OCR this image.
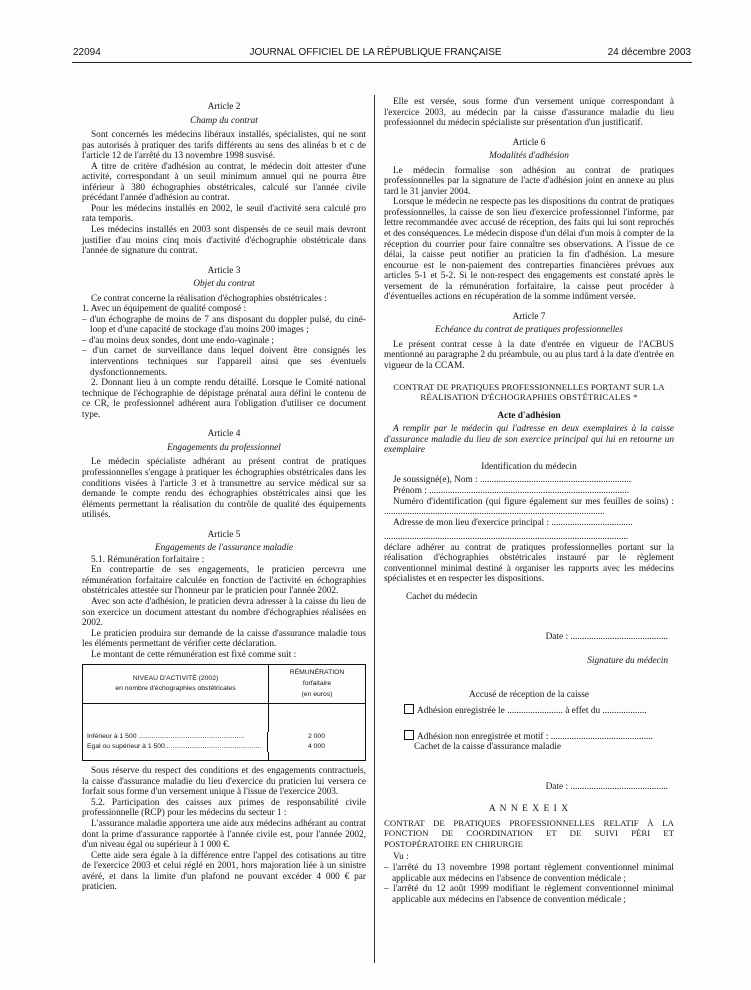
22094	JOURNAL OFFICIEL DE LA RÉPUBLIQUE FRANÇAISE	24 décembre 2003
Article 2
Champ du contrat

Sont concernés les médecins libéraux installés, spécialistes, qui ne sont pas autorisés à pratiquer des tarifs différents au sens des alinéas b et c de l'article 12 de l'arrêté du 13 novembre 1998 susvisé.

A titre de critère d'adhésion au contrat, le médecin doit attester d'une activité, correspondant à un seuil minimum annuel qui ne pourra être inférieur à 380 échographies obstétricales, calculé sur l'année civile précédant l'année d'adhésion au contrat.

Pour les médecins installés en 2002, le seuil d'activité sera calculé pro rata temporis.

Les médecins installés en 2003 sont dispensés de ce seuil mais devront justifier d'au moins cinq mois d'activité d'échographie obstétricale dans l'année de signature du contrat.

Article 3
Objet du contrat

Ce contrat concerne la réalisation d'échographies obstétricales :

1. Avec un équipement de qualité composé :

– d'un échographe de moins de 7 ans disposant du doppler pulsé, du ciné-loop et d'une capacité de stockage d'au moins 200 images ;
– d'au moins deux sondes, dont une endo-vaginale ;
– d'un carnet de surveillance dans lequel doivent être consignés les interventions techniques sur l'appareil ainsi que ses éventuels dysfonctionnements.

2. Donnant lieu à un compte rendu détaillé. Lorsque le Comité national technique de l'échographie de dépistage prénatal aura défini le contenu de ce CR, le professionnel adhérent aura l'obligation d'utiliser ce document type.

Article 4
Engagements du professionnel

Le médecin spécialiste adhérant au présent contrat de pratiques professionnelles s'engage à pratiquer les échographies obstétricales dans les conditions visées à l'article 3 et à transmettre au service médical sur sa demande le compte rendu des échographies obstétricales ainsi que les éléments permettant la réalisation du contrôle de qualité des équipements utilisés.

Article 5
Engagements de l'assurance maladie

5.1. Rémunération forfaitaire :

En contrepartie de ses engagements, le praticien percevra une rémunération forfaitaire calculée en fonction de l'activité en échographies obstétricales attestée sur l'honneur par le praticien pour l'année 2002.

Avec son acte d'adhésion, le praticien devra adresser à la caisse du lieu de son exercice un document attestant du nombre d'échographies réalisées en 2002.

Le praticien produira sur demande de la caisse d'assurance maladie tous les éléments permettant de vérifier cette déclaration.

Le montant de cette rémunération est fixé comme suit :

NIVEAU D'ACTIVITÉ (2002)
en nombre d'échographies obstétricales
RÉMUNÉRATION
forfaitaire
(en euros)
Inférieur à 1 500 ........................................................	2 000
Egal ou supérieur à 1 500...................................................	4 000

Sous réserve du respect des conditions et des engagements contractuels, la caisse d'assurance maladie du lieu d'exercice du praticien lui versera ce forfait sous forme d'un versement unique à l'issue de l'exercice 2003.

5.2. Participation des caisses aux primes de responsabilité civile professionnelle (RCP) pour les médecins du secteur 1 :

L'assurance maladie apportera une aide aux médecins adhérant au contrat dont la prime d'assurance rapportée à l'année civile est, pour l'année 2002, d'un niveau égal ou supérieur à 1 000 €.

Cette aide sera égale à la différence entre l'appel des cotisations au titre de l'exercice 2003 et celui réglé en 2001, hors majoration liée à un sinistre avéré, et dans la limite d'un plafond ne pouvant excéder 4 000 € par praticien.

Elle est versée, sous forme d'un versement unique correspondant à l'exercice 2003, au médecin par la caisse d'assurance maladie du lieu professionnel du médecin spécialiste sur présentation d'un justificatif.

Article 6
Modalités d'adhésion

Le médecin formalise son adhésion au contrat de pratiques professionnelles par la signature de l'acte d'adhésion joint en annexe au plus tard le 31 janvier 2004.

Lorsque le médecin ne respecte pas les dispositions du contrat de pratiques professionnelles, la caisse de son lieu d'exercice professionnel l'informe, par lettre recommandée avec accusé de réception, des faits qui lui sont reprochés et des conséquences. Le médecin dispose d'un délai d'un mois à compter de la réception du courrier pour faire connaître ses observations. A l'issue de ce délai, la caisse peut notifier au praticien la fin d'adhésion. La mesure encourue est le non-paiement des contreparties financières prévues aux articles 5-1 et 5-2. Si le non-respect des engagements est constaté après le versement de la rémunération forfaitaire, la caisse peut procéder à d'éventuelles actions en récupération de la somme indûment versée.

Article 7
Echéance du contrat de pratiques professionnelles

Le présent contrat cesse à la date d'entrée en vigueur de l'ACBUS mentionné au paragraphe 2 du préambule, ou au plus tard à la date d'entrée en vigueur de la CCAM.

CONTRAT DE PRATIQUES PROFESSIONNELLES PORTANT SUR LA RÉALISATION D'ÉCHOGRAPHIES OBSTÉTRICALES *
Acte d'adhésion

A remplir par le médecin qui l'adresse en deux exemplaires à la caisse d'assurance maladie du lieu de son exercice principal qui lui en retourne un exemplaire

Identification du médecin

Je soussigné(e), Nom : .................................................................

Prénom : ......................................................................................

Numéro d'identification (qui figure également sur mes feuilles de soins) : ...............................................................................................

Adresse de mon lieu d'exercice principal : ...................................

.........................................................................................................

déclare adhérer au contrat de pratiques professionnelles portant sur la réalisation d'échographies obstétricales instauré par le règlement conventionnel minimal destiné à organiser les rapports avec les médecins spécialistes et en respecter les dispositions.

Cachet du médecin

Date : ..........................................
Signature du médecin
Accusé de réception de la caisse
Adhésion enregistrée le ........................ à effet du ...................
Adhésion non enregistrée et motif : ............................................
Cachet de la caisse d'assurance maladie
Date : ..........................................
A N N E X E I X

CONTRAT DE PRATIQUES PROFESSIONNELLES RELATIF À LA FONCTION DE COORDINATION ET DE SUIVI PÉRI ET POSTOPÉRATOIRE EN CHIRURGIE

Vu :

– l'arrêté du 13 novembre 1998 portant règlement conventionnel minimal applicable aux médecins en l'absence de convention médicale ;
– l'arrêté du 12 août 1999 modifiant le règlement conventionnel minimal applicable aux médecins en l'absence de convention médicale ;
